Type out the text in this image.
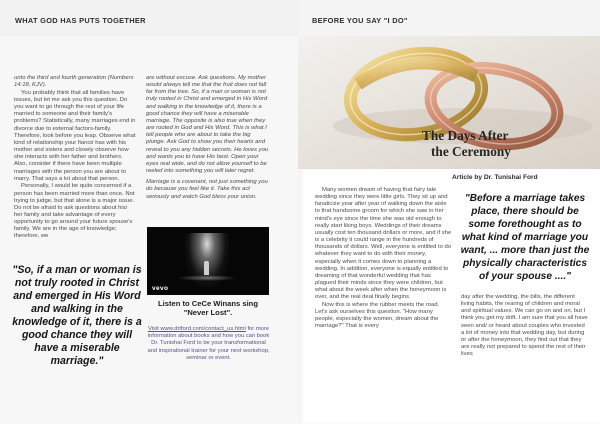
WHAT GOD HAS PUTS TOGETHER

unto the third and fourth generation (Numbers 14:18, KJV).

You probably think that all families have issues, but let me ask you this question. Do you want to go through the rest of your life married to someone and their family's problems? Statistically, many marriages end in divorce due to external factors-family. Therefore, look before you leap. Observe what kind of relationship your fiancé has with his mother and sisters and closely observe how she interacts with her father and brothers. Also, consider if there have been multiple marriages with the person you are about to marry. That says a lot about that person.

Personally, I would be quite concerned if a person has been married more than once. Not trying to judge, but that alone is a major issue. Do not be afraid to ask questions about his/ her family and take advantage of every opportunity to go around your future spouse's family. We are in the age of knowledge; therefore, we

are without excuse. Ask questions. My mother would always tell me that the fruit does not fall far from the tree. So, if a man or woman is not truly rooted in Christ and emerged in His Word and walking in the knowledge of it, there is a good chance they will have a miserable marriage. The opposite is also true when they are rooted in God and His Word. This is what I tell people who are about to take the big plunge. Ask God to show you their hearts and reveal to you any hidden secrets. He loves you and wants you to have His best. Open your eyes real wide, and do not allow yourself to be reeled into something you will later regret.

Marriage is a covenant, not just something you do because you feel like it. Take this act seriously and watch God bless your union.

"So, if a man or woman is not truly rooted in Christ and emerged in His Word and walking in the knowledge of it, there is a good chance they will have a miserable marriage."
vevo
Listen to CeCe Winans sing "Never Lost".
Visit www.drtford.com/contact_us.html for more information about books and how you can book Dr. Tunishai Ford to be your transformational and inspirational trainer for your next workshop, seminar or event.
BEFORE YOU SAY "I DO"
The Days After
the Ceremony
Article by Dr. Tunishai Ford

Many women dream of having that fairy tale wedding since they were little girls. They sit up and fanaticize year after year of walking down the aisle to that handsome groom for which she saw in her mind's eye since the time she was old enough to really start liking boys. Weddings of their dreams usually cost ten thousand dollars or more, and if she is a celebrity it could range in the hundreds of thousands of dollars. Well, everyone is entitled to do whatever they want to do with their money, especially when it comes down to planning a wedding. In addition, everyone is equally entitled to dreaming of that wonderful wedding that has plagued their minds since they were children, but what about the week after when the honeymoon is over, and the real deal finally begins.

Now this is where the rubber meets the road. Let's ask ourselves this question. "How many people, especially the women, dream about the marriage?" That is every

"Before a marriage takes place, there should be some forethought as to what kind of marriage you want, ... more than just the physically characteristics of your spouse ...."

day after the wedding, the bills, the different living habits, the rearing of children and moral and spiritual values. We can go on and on, but I think you get my drift. I am sure that you all have seen and/ or heard about couples who invested a lot of money into that wedding day, but during or after the honeymoon, they find out that they are really not prepared to spend the rest of their lives
